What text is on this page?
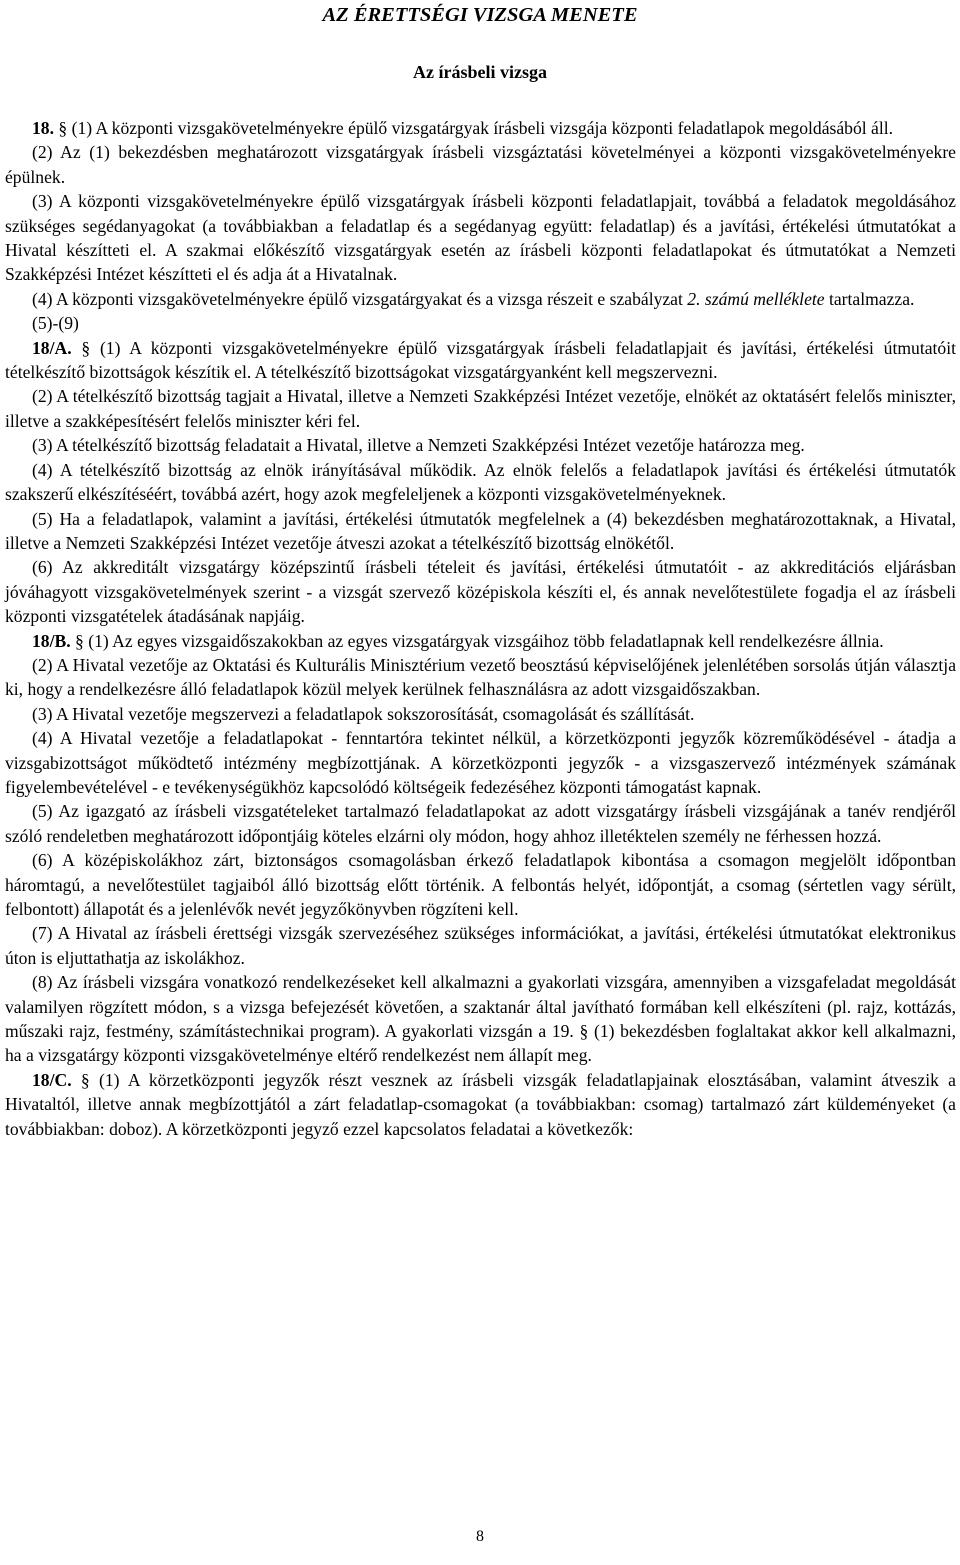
AZ ÉRETTSÉGI VIZSGA MENETE
Az írásbeli vizsga

18. § (1) A központi vizsgakövetelményekre épülő vizsgatárgyak írásbeli vizsgája központi feladatlapok megoldásából áll.

(2) Az (1) bekezdésben meghatározott vizsgatárgyak írásbeli vizsgáztatási követelményei a központi vizsgakövetelményekre épülnek.

(3) A központi vizsgakövetelményekre épülő vizsgatárgyak írásbeli központi feladatlapjait, továbbá a feladatok megoldásához szükséges segédanyagokat (a továbbiakban a feladatlap és a segédanyag együtt: feladatlap) és a javítási, értékelési útmutatókat a Hivatal készítteti el. A szakmai előkészítő vizsgatárgyak esetén az írásbeli központi feladatlapokat és útmutatókat a Nemzeti Szakképzési Intézet készítteti el és adja át a Hivatalnak.

(4) A központi vizsgakövetelményekre épülő vizsgatárgyakat és a vizsga részeit e szabályzat 2. számú melléklete tartalmazza.

(5)-(9)

18/A. § (1) A központi vizsgakövetelményekre épülő vizsgatárgyak írásbeli feladatlapjait és javítási, értékelési útmutatóit tételkészítő bizottságok készítik el. A tételkészítő bizottságokat vizsgatárgyanként kell megszervezni.

(2) A tételkészítő bizottság tagjait a Hivatal, illetve a Nemzeti Szakképzési Intézet vezetője, elnökét az oktatásért felelős miniszter, illetve a szakképesítésért felelős miniszter kéri fel.

(3) A tételkészítő bizottság feladatait a Hivatal, illetve a Nemzeti Szakképzési Intézet vezetője határozza meg.

(4) A tételkészítő bizottság az elnök irányításával működik. Az elnök felelős a feladatlapok javítási és értékelési útmutatók szakszerű elkészítéséért, továbbá azért, hogy azok megfeleljenek a központi vizsgakövetelményeknek.

(5) Ha a feladatlapok, valamint a javítási, értékelési útmutatók megfelelnek a (4) bekezdésben meghatározottaknak, a Hivatal, illetve a Nemzeti Szakképzési Intézet vezetője átveszi azokat a tételkészítő bizottság elnökétől.

(6) Az akkreditált vizsgatárgy középszintű írásbeli tételeit és javítási, értékelési útmutatóit - az akkreditációs eljárásban jóváhagyott vizsgakövetelmények szerint - a vizsgát szervező középiskola készíti el, és annak nevelőtestülete fogadja el az írásbeli központi vizsgatételek átadásának napjáig.

18/B. § (1) Az egyes vizsgaidőszakokban az egyes vizsgatárgyak vizsgáihoz több feladatlapnak kell rendelkezésre állnia.

(2) A Hivatal vezetője az Oktatási és Kulturális Minisztérium vezető beosztású képviselőjének jelenlétében sorsolás útján választja ki, hogy a rendelkezésre álló feladatlapok közül melyek kerülnek felhasználásra az adott vizsgaidőszakban.

(3) A Hivatal vezetője megszervezi a feladatlapok sokszorosítását, csomagolását és szállítását.

(4) A Hivatal vezetője a feladatlapokat - fenntartóra tekintet nélkül, a körzetközponti jegyzők közreműködésével - átadja a vizsgabizottságot működtető intézmény megbízottjának. A körzetközponti jegyzők - a vizsgaszervező intézmények számának figyelembevételével - e tevékenységükhöz kapcsolódó költségeik fedezéséhez központi támogatást kapnak.

(5) Az igazgató az írásbeli vizsgatételeket tartalmazó feladatlapokat az adott vizsgatárgy írásbeli vizsgájának a tanév rendjéről szóló rendeletben meghatározott időpontjáig köteles elzárni oly módon, hogy ahhoz illetéktelen személy ne férhessen hozzá.

(6) A középiskolákhoz zárt, biztonságos csomagolásban érkező feladatlapok kibontása a csomagon megjelölt időpontban háromtagú, a nevelőtestület tagjaiból álló bizottság előtt történik. A felbontás helyét, időpontját, a csomag (sértetlen vagy sérült, felbontott) állapotát és a jelenlévők nevét jegyzőkönyvben rögzíteni kell.

(7) A Hivatal az írásbeli érettségi vizsgák szervezéséhez szükséges információkat, a javítási, értékelési útmutatókat elektronikus úton is eljuttathatja az iskolákhoz.

(8) Az írásbeli vizsgára vonatkozó rendelkezéseket kell alkalmazni a gyakorlati vizsgára, amennyiben a vizsgafeladat megoldását valamilyen rögzített módon, s a vizsga befejezését követően, a szaktanár által javítható formában kell elkészíteni (pl. rajz, kottázás, műszaki rajz, festmény, számítástechnikai program). A gyakorlati vizsgán a 19. § (1) bekezdésben foglaltakat akkor kell alkalmazni, ha a vizsgatárgy központi vizsgakövetelménye eltérő rendelkezést nem állapít meg.

18/C. § (1) A körzetközponti jegyzők részt vesznek az írásbeli vizsgák feladatlapjainak elosztásában, valamint átveszik a Hivataltól, illetve annak megbízottjától a zárt feladatlap-csomagokat (a továbbiakban: csomag) tartalmazó zárt küldeményeket (a továbbiakban: doboz). A körzetközponti jegyző ezzel kapcsolatos feladatai a következők:

8
